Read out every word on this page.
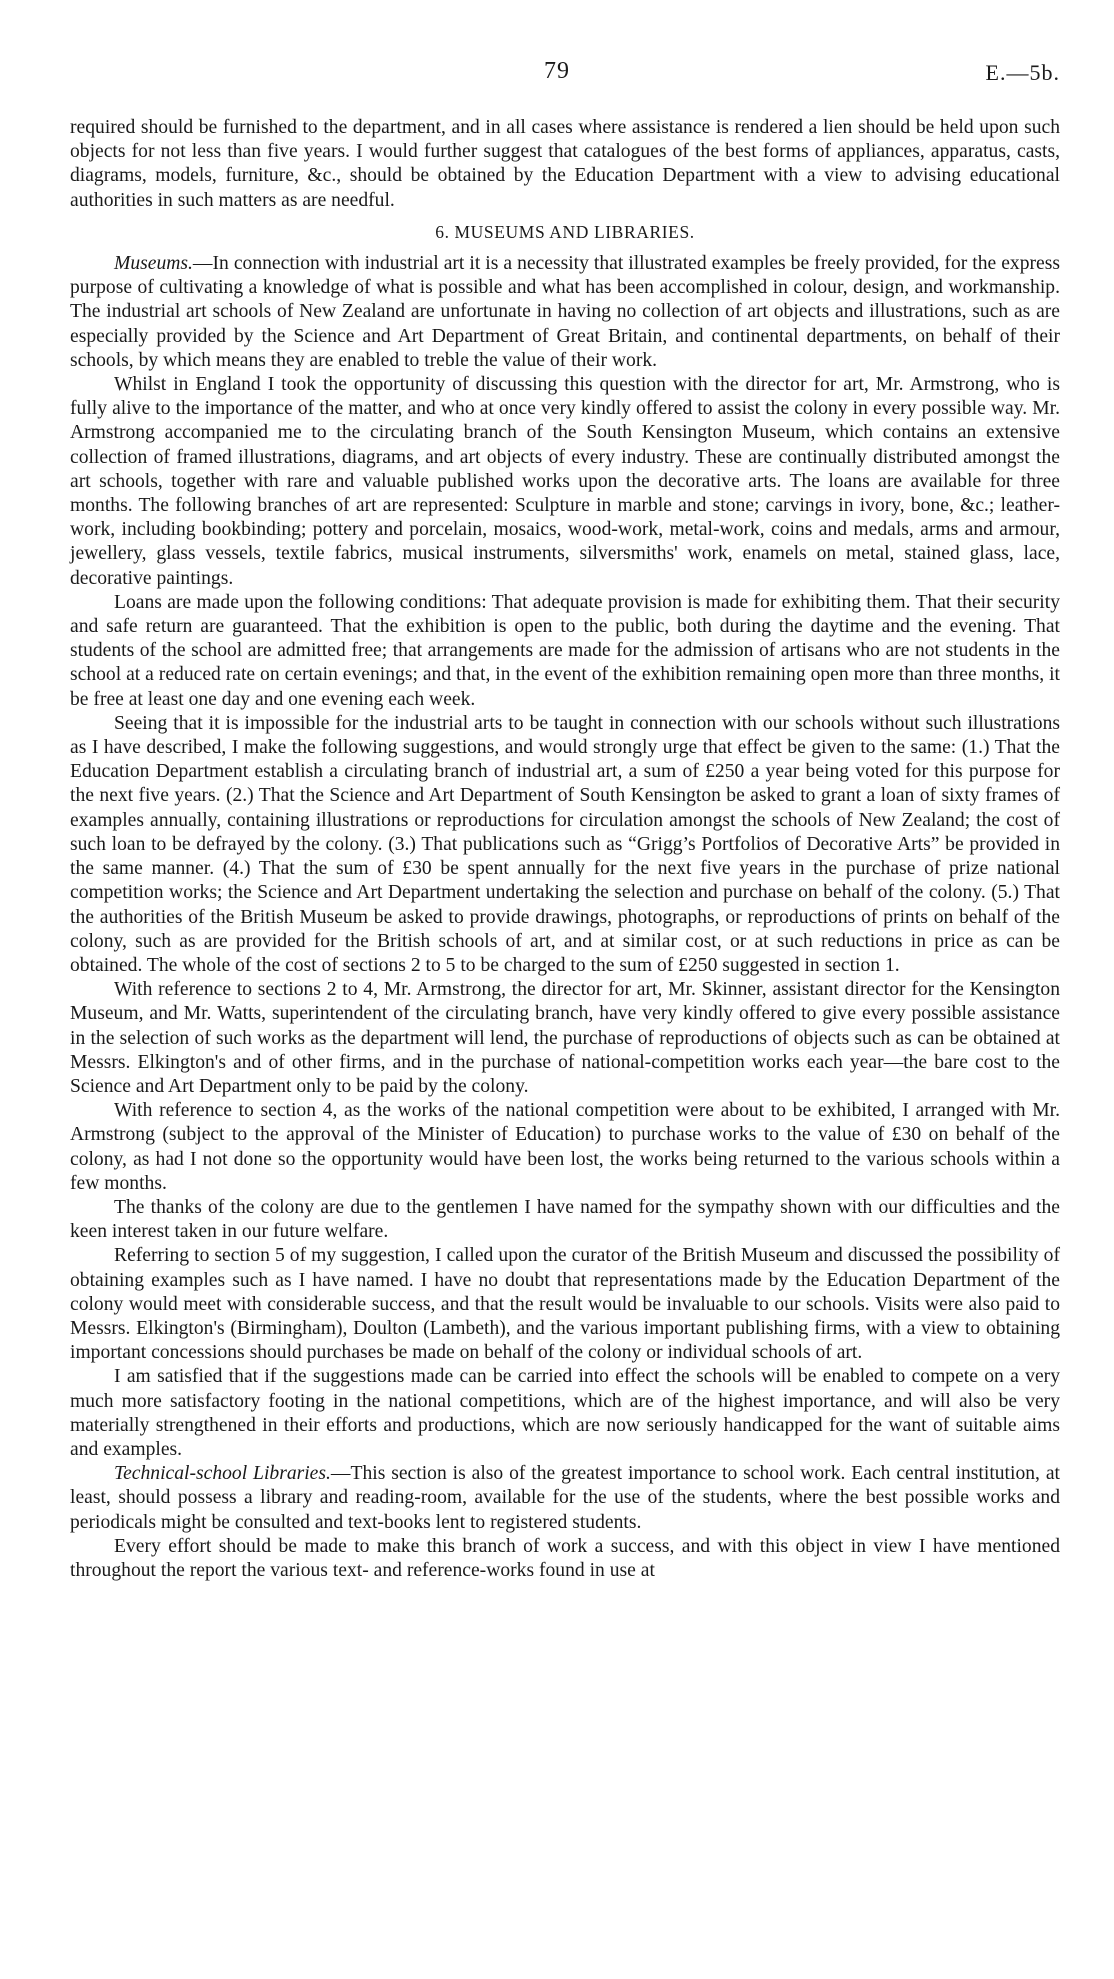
79	E.—5b.

required should be furnished to the department, and in all cases where assistance is rendered a lien should be held upon such objects for not less than five years. I would further suggest that catalogues of the best forms of appliances, apparatus, casts, diagrams, models, furniture, &c., should be obtained by the Education Department with a view to advising educational authorities in such matters as are needful.

6. MUSEUMS AND LIBRARIES.

Museums.—In connection with industrial art it is a necessity that illustrated examples be freely provided, for the express purpose of cultivating a knowledge of what is possible and what has been accomplished in colour, design, and workmanship. The industrial art schools of New Zealand are unfortunate in having no collection of art objects and illustrations, such as are especially provided by the Science and Art Department of Great Britain, and continental departments, on behalf of their schools, by which means they are enabled to treble the value of their work.

Whilst in England I took the opportunity of discussing this question with the director for art, Mr. Armstrong, who is fully alive to the importance of the matter, and who at once very kindly offered to assist the colony in every possible way. Mr. Armstrong accompanied me to the circulating branch of the South Kensington Museum, which contains an extensive collection of framed illustrations, diagrams, and art objects of every industry. These are continually distributed amongst the art schools, together with rare and valuable published works upon the decorative arts. The loans are available for three months. The following branches of art are represented: Sculpture in marble and stone; carvings in ivory, bone, &c.; leather-work, including bookbinding; pottery and porcelain, mosaics, wood-work, metal-work, coins and medals, arms and armour, jewellery, glass vessels, textile fabrics, musical instruments, silversmiths' work, enamels on metal, stained glass, lace, decorative paintings.

Loans are made upon the following conditions: That adequate provision is made for exhibiting them. That their security and safe return are guaranteed. That the exhibition is open to the public, both during the daytime and the evening. That students of the school are admitted free; that arrangements are made for the admission of artisans who are not students in the school at a reduced rate on certain evenings; and that, in the event of the exhibition remaining open more than three months, it be free at least one day and one evening each week.

Seeing that it is impossible for the industrial arts to be taught in connection with our schools without such illustrations as I have described, I make the following suggestions, and would strongly urge that effect be given to the same: (1.) That the Education Department establish a circulating branch of industrial art, a sum of £250 a year being voted for this purpose for the next five years. (2.) That the Science and Art Department of South Kensington be asked to grant a loan of sixty frames of examples annually, containing illustrations or reproductions for circulation amongst the schools of New Zealand; the cost of such loan to be defrayed by the colony. (3.) That publications such as “Grigg’s Portfolios of Decorative Arts” be provided in the same manner. (4.) That the sum of £30 be spent annually for the next five years in the purchase of prize national competition works; the Science and Art Department undertaking the selection and purchase on behalf of the colony. (5.) That the authorities of the British Museum be asked to provide drawings, photographs, or reproductions of prints on behalf of the colony, such as are provided for the British schools of art, and at similar cost, or at such reductions in price as can be obtained. The whole of the cost of sections 2 to 5 to be charged to the sum of £250 suggested in section 1.

With reference to sections 2 to 4, Mr. Armstrong, the director for art, Mr. Skinner, assistant director for the Kensington Museum, and Mr. Watts, superintendent of the circulating branch, have very kindly offered to give every possible assistance in the selection of such works as the department will lend, the purchase of reproductions of objects such as can be obtained at Messrs. Elkington's and of other firms, and in the purchase of national-competition works each year—the bare cost to the Science and Art Department only to be paid by the colony.

With reference to section 4, as the works of the national competition were about to be exhibited, I arranged with Mr. Armstrong (subject to the approval of the Minister of Education) to purchase works to the value of £30 on behalf of the colony, as had I not done so the opportunity would have been lost, the works being returned to the various schools within a few months.

The thanks of the colony are due to the gentlemen I have named for the sympathy shown with our difficulties and the keen interest taken in our future welfare.

Referring to section 5 of my suggestion, I called upon the curator of the British Museum and discussed the possibility of obtaining examples such as I have named. I have no doubt that representations made by the Education Department of the colony would meet with considerable success, and that the result would be invaluable to our schools. Visits were also paid to Messrs. Elkington's (Birmingham), Doulton (Lambeth), and the various important publishing firms, with a view to obtaining important concessions should purchases be made on behalf of the colony or individual schools of art.

I am satisfied that if the suggestions made can be carried into effect the schools will be enabled to compete on a very much more satisfactory footing in the national competitions, which are of the highest importance, and will also be very materially strengthened in their efforts and productions, which are now seriously handicapped for the want of suitable aims and examples.

Technical-school Libraries.—This section is also of the greatest importance to school work. Each central institution, at least, should possess a library and reading-room, available for the use of the students, where the best possible works and periodicals might be consulted and text-books lent to registered students.

Every effort should be made to make this branch of work a success, and with this object in view I have mentioned throughout the report the various text- and reference-works found in use at
